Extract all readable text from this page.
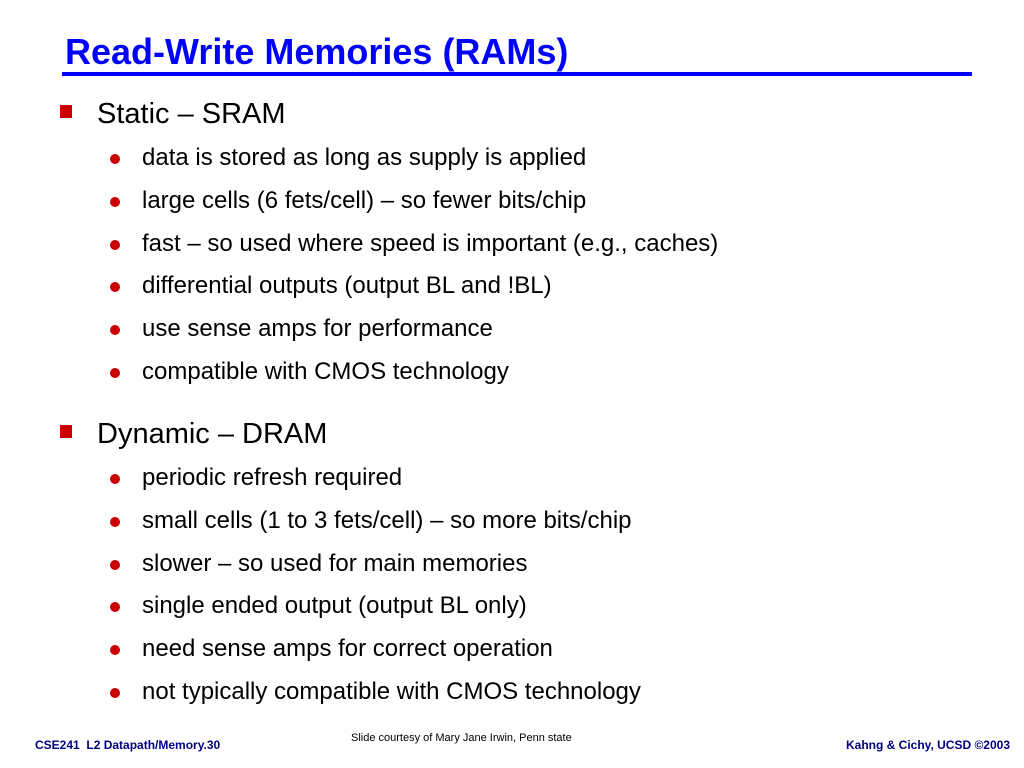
Read-Write Memories (RAMs)
Static – SRAM
data is stored as long as supply is applied
large cells (6 fets/cell) – so fewer bits/chip
fast – so used where speed is important (e.g., caches)
differential outputs (output BL and !BL)
use sense amps for performance
compatible with CMOS technology
Dynamic – DRAM
periodic refresh required
small cells (1 to 3 fets/cell) – so more bits/chip
slower – so used for main memories
single ended output (output BL only)
need sense amps for correct operation
not typically compatible with CMOS technology
CSE241  L2 Datapath/Memory.30	Slide courtesy of Mary Jane Irwin, Penn state	Kahng & Cichy, UCSD ©2003
